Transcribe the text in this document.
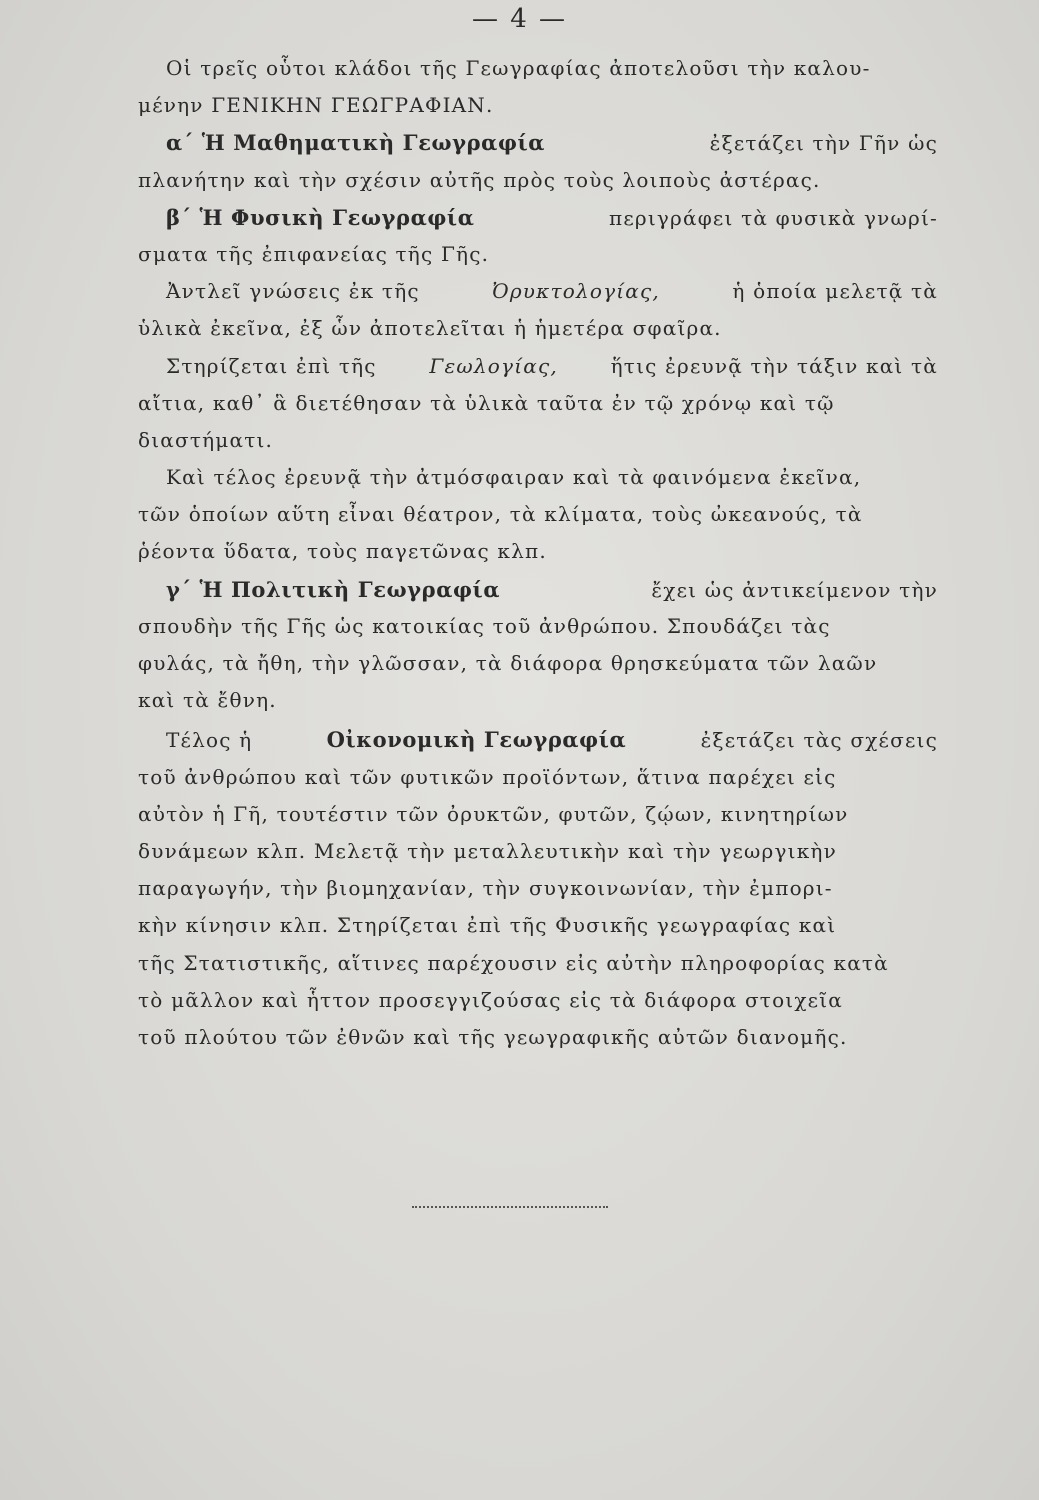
— 4 —
Οἱ τρεῖς οὗτοι κλάδοι τῆς Γεωγραφίας ἀποτελοῦσι τὴν καλου-
μένην ΓΕΝΙΚΗΝ ΓΕΩΓΡΑΦΙΑΝ.
α΄ Ἡ Μαθηματικὴ Γεωγραφία	ἐξετάζει τὴν Γῆν ὡς
πλανήτην καὶ τὴν σχέσιν αὐτῆς πρὸς τοὺς λοιποὺς ἀστέρας.
β΄ Ἡ Φυσικὴ Γεωγραφία	περιγράφει τὰ φυσικὰ γνωρί-
σματα τῆς ἐπιφανείας τῆς Γῆς.
Ἀντλεῖ γνώσεις ἐκ τῆς	Ὀρυκτολογίας,	ἡ ὁποία μελετᾷ τὰ
ὑλικὰ ἐκεῖνα, ἐξ ὧν ἀποτελεῖται ἡ ἡμετέρα σφαῖρα.
Στηρίζεται ἐπὶ τῆς	Γεωλογίας,	ἥτις ἐρευνᾷ τὴν τάξιν καὶ τὰ
αἴτια, καθ᾽ ἃ διετέθησαν τὰ ὑλικὰ ταῦτα ἐν τῷ χρόνῳ καὶ τῷ
διαστήματι.
Καὶ τέλος ἐρευνᾷ τὴν ἀτμόσφαιραν καὶ τὰ φαινόμενα ἐκεῖνα,
τῶν ὁποίων αὕτη εἶναι θέατρον, τὰ κλίματα, τοὺς ὠκεανούς, τὰ
ῥέοντα ὕδατα, τοὺς παγετῶνας κλπ.
γ΄ Ἡ Πολιτικὴ Γεωγραφία	ἔχει ὡς ἀντικείμενον τὴν
σπουδὴν τῆς Γῆς ὡς κατοικίας τοῦ ἀνθρώπου. Σπουδάζει τὰς
φυλάς, τὰ ἤθη, τὴν γλῶσσαν, τὰ διάφορα θρησκεύματα τῶν λαῶν
καὶ τὰ ἔθνη.
Τέλος ἡ	Οἰκονομικὴ Γεωγραφία	ἐξετάζει τὰς σχέσεις
τοῦ ἀνθρώπου καὶ τῶν φυτικῶν προϊόντων, ἅτινα παρέχει εἰς
αὐτὸν ἡ Γῆ, τουτέστιν τῶν ὀρυκτῶν, φυτῶν, ζῴων, κινητηρίων
δυνάμεων κλπ. Μελετᾷ τὴν μεταλλευτικὴν καὶ τὴν γεωργικὴν
παραγωγήν, τὴν βιομηχανίαν, τὴν συγκοινωνίαν, τὴν ἐμπορι-
κὴν κίνησιν κλπ. Στηρίζεται ἐπὶ τῆς Φυσικῆς γεωγραφίας καὶ
τῆς Στατιστικῆς, αἵτινες παρέχουσιν εἰς αὐτὴν πληροφορίας κατὰ
τὸ μᾶλλον καὶ ἧττον προσεγγιζούσας εἰς τὰ διάφορα στοιχεῖα
τοῦ πλούτου τῶν ἐθνῶν καὶ τῆς γεωγραφικῆς αὐτῶν διανομῆς.
